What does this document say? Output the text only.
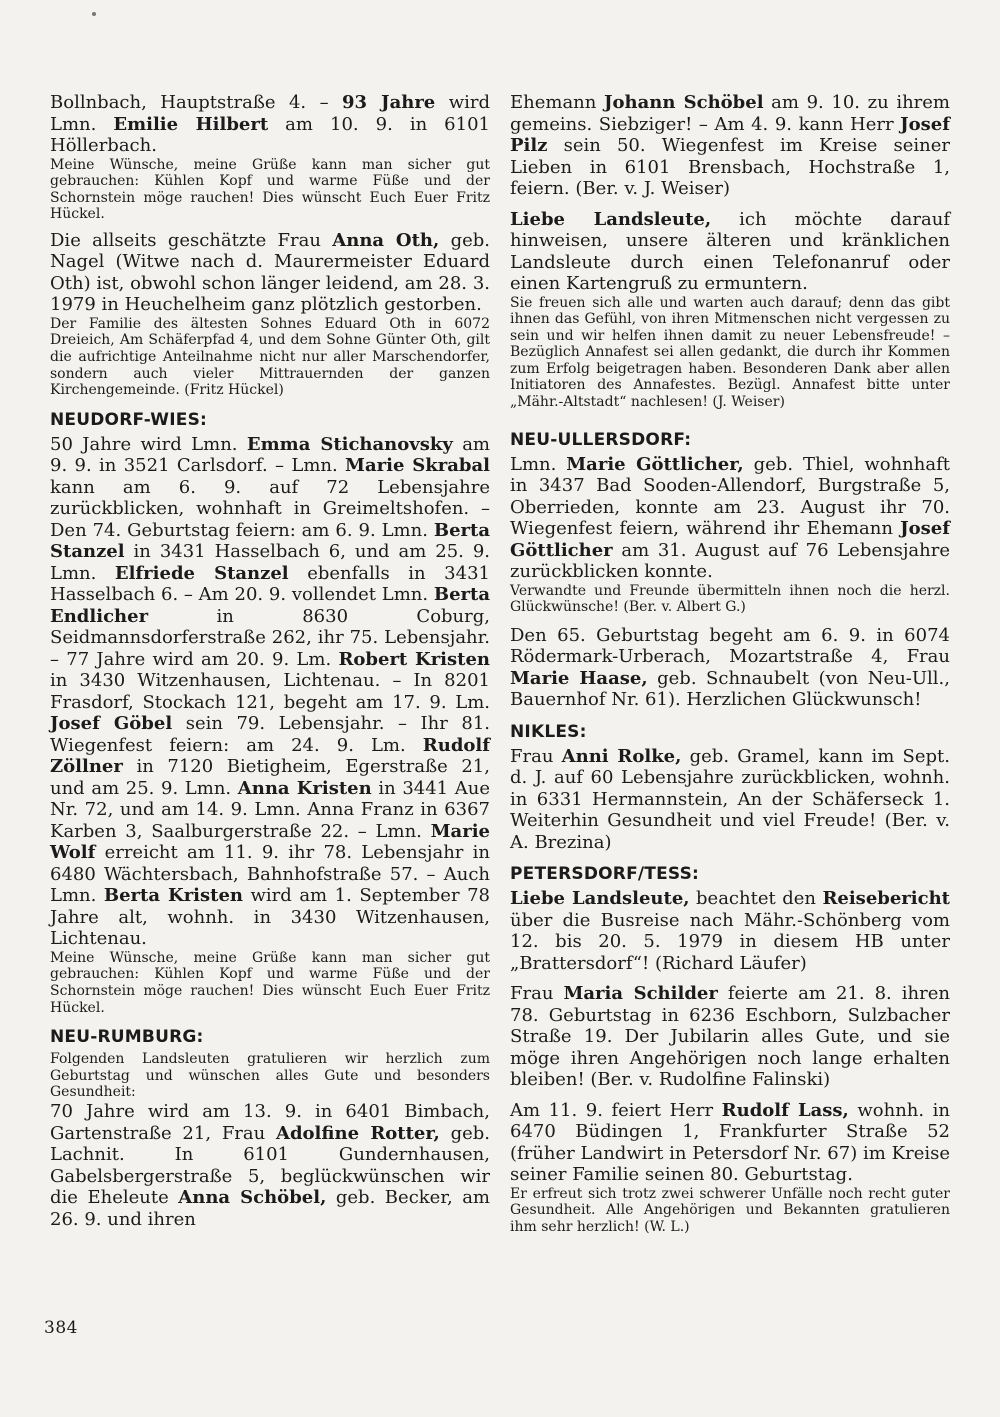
Bollnbach, Hauptstraße 4. – 93 Jahre wird Lmn. Emilie Hilbert am 10. 9. in 6101 Höllerbach.

Meine Wünsche, meine Grüße kann man sicher gut gebrauchen: Kühlen Kopf und warme Füße und der Schornstein möge rauchen! Dies wünscht Euch Euer Fritz Hückel.

Die allseits geschätzte Frau Anna Oth, geb. Nagel (Witwe nach d. Maurermeister Eduard Oth) ist, obwohl schon länger leidend, am 28. 3. 1979 in Heuchelheim ganz plötzlich gestorben.

Der Familie des ältesten Sohnes Eduard Oth in 6072 Dreieich, Am Schäferpfad 4, und dem Sohne Günter Oth, gilt die aufrichtige Anteilnahme nicht nur aller Marschendorfer, sondern auch vieler Mittrauernden der ganzen Kirchengemeinde. (Fritz Hückel)

NEUDORF-WIES:

50 Jahre wird Lmn. Emma Stichanovsky am 9. 9. in 3521 Carlsdorf. – Lmn. Marie Skrabal kann am 6. 9. auf 72 Lebensjahre zurückblicken, wohnhaft in Greimeltshofen. – Den 74. Geburtstag feiern: am 6. 9. Lmn. Berta Stanzel in 3431 Hasselbach 6, und am 25. 9. Lmn. Elfriede Stanzel ebenfalls in 3431 Hasselbach 6. – Am 20. 9. vollendet Lmn. Berta Endlicher in 8630 Coburg, Seidmannsdorferstraße 262, ihr 75. Lebensjahr. – 77 Jahre wird am 20. 9. Lm. Robert Kristen in 3430 Witzenhausen, Lichtenau. – In 8201 Frasdorf, Stockach 121, begeht am 17. 9. Lm. Josef Göbel sein 79. Lebensjahr. – Ihr 81. Wiegenfest feiern: am 24. 9. Lm. Rudolf Zöllner in 7120 Bietigheim, Egerstraße 21, und am 25. 9. Lmn. Anna Kristen in 3441 Aue Nr. 72, und am 14. 9. Lmn. Anna Franz in 6367 Karben 3, Saalburgerstraße 22. – Lmn. Marie Wolf erreicht am 11. 9. ihr 78. Lebensjahr in 6480 Wächtersbach, Bahnhofstraße 57. – Auch Lmn. Berta Kristen wird am 1. September 78 Jahre alt, wohnh. in 3430 Witzenhausen, Lichtenau.

Meine Wünsche, meine Grüße kann man sicher gut gebrauchen: Kühlen Kopf und warme Füße und der Schornstein möge rauchen! Dies wünscht Euch Euer Fritz Hückel.

NEU-RUMBURG:

Folgenden Landsleuten gratulieren wir herzlich zum Geburtstag und wünschen alles Gute und besonders Gesundheit:

70 Jahre wird am 13. 9. in 6401 Bimbach, Gartenstraße 21, Frau Adolfine Rotter, geb. Lachnit. In 6101 Gundernhausen, Gabelsbergerstraße 5, beglückwünschen wir die Eheleute Anna Schöbel, geb. Becker, am 26. 9. und ihren

Ehemann Johann Schöbel am 9. 10. zu ihrem gemeins. Siebziger! – Am 4. 9. kann Herr Josef Pilz sein 50. Wiegenfest im Kreise seiner Lieben in 6101 Brensbach, Hochstraße 1, feiern. (Ber. v. J. Weiser)

Liebe Landsleute, ich möchte darauf hinweisen, unsere älteren und kränklichen Landsleute durch einen Telefonanruf oder einen Kartengruß zu ermuntern.

Sie freuen sich alle und warten auch darauf; denn das gibt ihnen das Gefühl, von ihren Mitmenschen nicht vergessen zu sein und wir helfen ihnen damit zu neuer Lebensfreude! – Bezüglich Annafest sei allen gedankt, die durch ihr Kommen zum Erfolg beigetragen haben. Besonderen Dank aber allen Initiatoren des Annafestes. Bezügl. Annafest bitte unter „Mähr.-Altstadt“ nachlesen! (J. Weiser)

NEU-ULLERSDORF:

Lmn. Marie Göttlicher, geb. Thiel, wohnhaft in 3437 Bad Sooden-Allendorf, Burgstraße 5, Oberrieden, konnte am 23. August ihr 70. Wiegenfest feiern, während ihr Ehemann Josef Göttlicher am 31. August auf 76 Lebensjahre zurückblicken konnte.

Verwandte und Freunde übermitteln ihnen noch die herzl. Glückwünsche! (Ber. v. Albert G.)

Den 65. Geburtstag begeht am 6. 9. in 6074 Rödermark-Urberach, Mozartstraße 4, Frau Marie Haase, geb. Schnaubelt (von Neu-Ull., Bauernhof Nr. 61). Herzlichen Glückwunsch!

NIKLES:

Frau Anni Rolke, geb. Gramel, kann im Sept. d. J. auf 60 Lebensjahre zurückblicken, wohnh. in 6331 Hermannstein, An der Schäferseck 1. Weiterhin Gesundheit und viel Freude! (Ber. v. A. Brezina)

PETERSDORF/TESS:

Liebe Landsleute, beachtet den Reisebericht über die Busreise nach Mähr.-Schönberg vom 12. bis 20. 5. 1979 in diesem HB unter „Brattersdorf“! (Richard Läufer)

Frau Maria Schilder feierte am 21. 8. ihren 78. Geburtstag in 6236 Eschborn, Sulzbacher Straße 19. Der Jubilarin alles Gute, und sie möge ihren Angehörigen noch lange erhalten bleiben! (Ber. v. Rudolfine Falinski)

Am 11. 9. feiert Herr Rudolf Lass, wohnh. in 6470 Büdingen 1, Frankfurter Straße 52 (früher Landwirt in Petersdorf Nr. 67) im Kreise seiner Familie seinen 80. Geburtstag.

Er erfreut sich trotz zwei schwerer Unfälle noch recht guter Gesundheit. Alle Angehörigen und Bekannten gratulieren ihm sehr herzlich! (W. L.)

384
